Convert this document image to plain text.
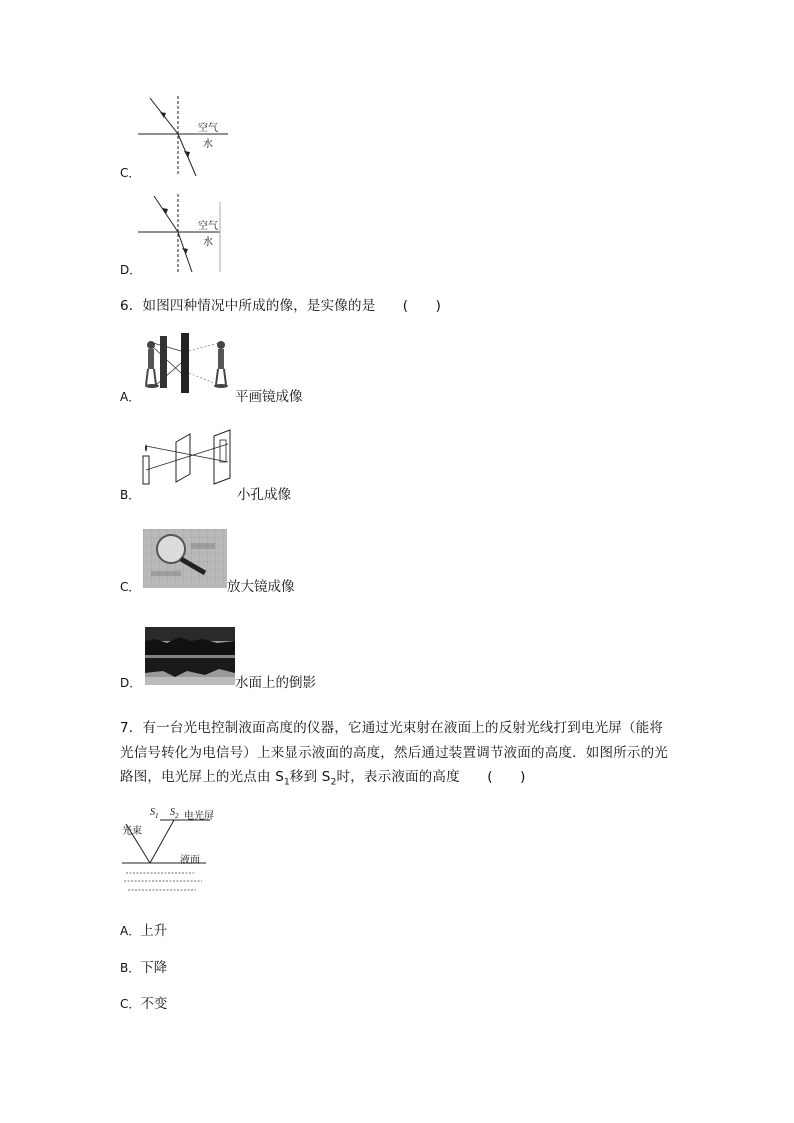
空气
水
C．
空气
水
D．
6．如图四种情况中所成的像，是实像的是　　(　　)
A．	平画镜成像
B．	小孔成像
C．	放大镜成像
D．	水面上的倒影
7．有一台光电控制液面高度的仪器，它通过光束射在液面上的反射光线打到电光屏（能将
光信号转化为电信号）上来显示液面的高度，然后通过装置调节液面的高度．如图所示的光
路图，电光屏上的光点由 $S_1$移到 $S_2$时，表示液面的高度　　(　　)
光束
$S_1$ $S_2$ 电光屏
液面
A．上升
B．下降
C．不变
